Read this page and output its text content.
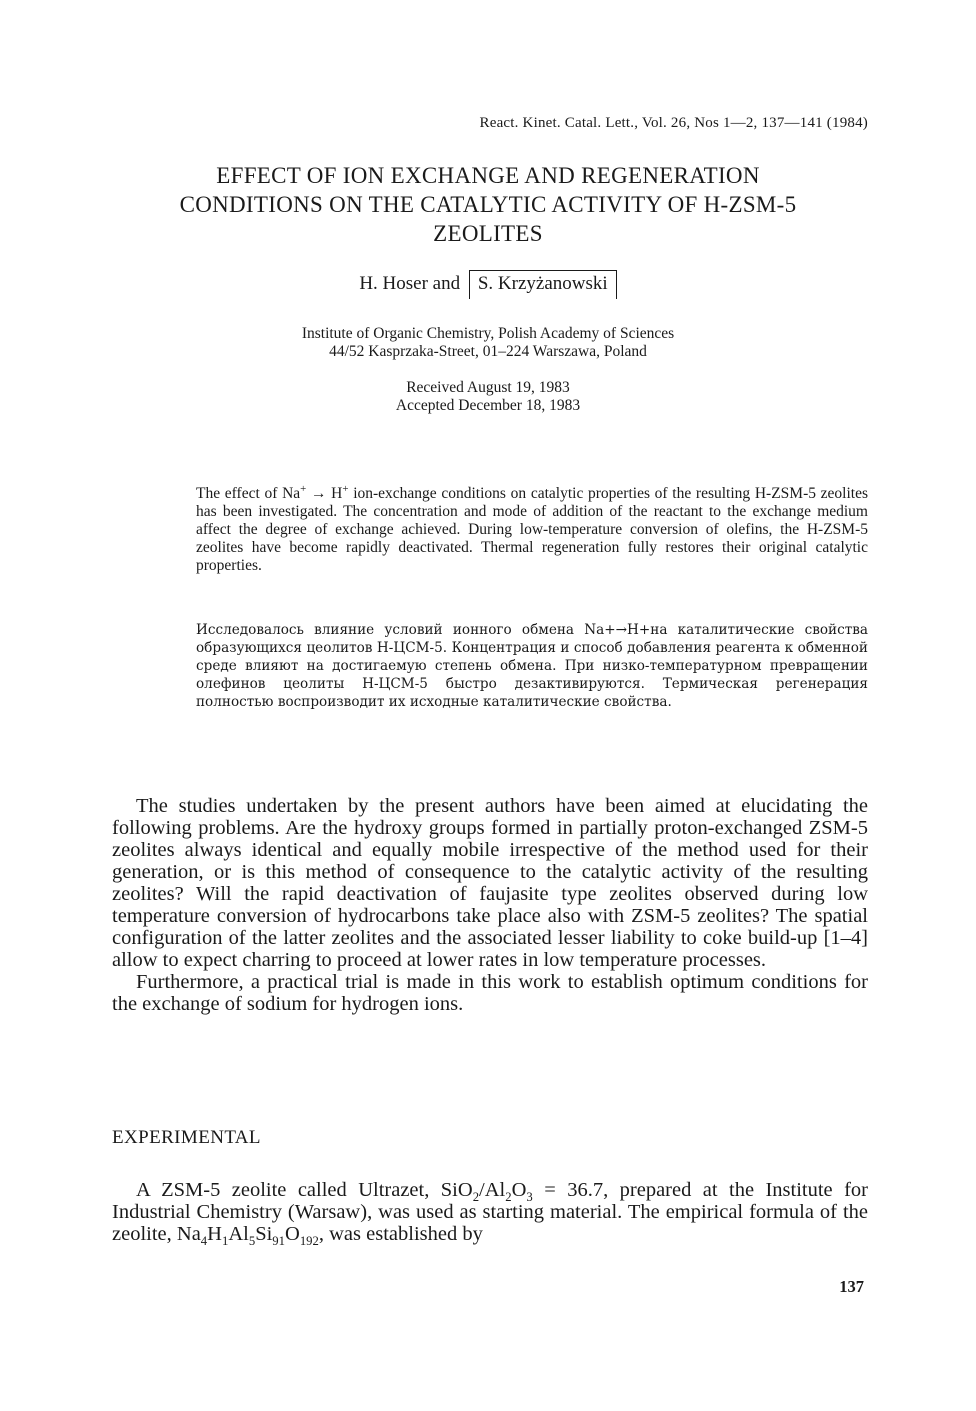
React. Kinet. Catal. Lett., Vol. 26, Nos 1—2, 137—141 (1984)
EFFECT OF ION EXCHANGE AND REGENERATION
CONDITIONS ON THE CATALYTIC ACTIVITY OF H-ZSM-5
ZEOLITES
H. Hoser and S. Krzyżanowski
Institute of Organic Chemistry, Polish Academy of Sciences
44/52 Kasprzaka-Street, 01–224 Warszawa, Poland
Received August 19, 1983
Accepted December 18, 1983
The effect of Na+ → H+ ion-exchange conditions on catalytic properties of the resulting H-ZSM-5 zeolites has been investigated. The concentration and mode of addition of the reactant to the exchange medium affect the degree of exchange achieved. During low-temperature conversion of olefins, the H-ZSM-5 zeolites have become rapidly deactivated. Thermal regeneration fully restores their original catalytic properties.
Исследовалось влияние условий ионного обмена Na+→H+на каталитические свойства образующихся цеолитов Н-ЦСМ-5. Концентрация и способ добавления реагента к обменной среде влияют на достигаемую степень обмена. При низко-температурном превращении олефинов цеолиты Н-ЦСМ-5 быстро дезактивируются. Термическая регенерация полностью воспроизводит их исходные каталитические свойства.

The studies undertaken by the present authors have been aimed at elucidating the following problems. Are the hydroxy groups formed in partially proton-exchanged ZSM-5 zeolites always identical and equally mobile irrespective of the method used for their generation, or is this method of consequence to the catalytic activity of the resulting zeolites? Will the rapid deactivation of faujasite type zeolites observed during low temperature conversion of hydrocarbons take place also with ZSM-5 zeolites? The spatial configuration of the latter zeolites and the associated lesser liability to coke build-up [1–4] allow to expect charring to proceed at lower rates in low temperature processes.

Furthermore, a practical trial is made in this work to establish optimum conditions for the exchange of sodium for hydrogen ions.

EXPERIMENTAL

A ZSM-5 zeolite called Ultrazet, $SiO_2/Al_2O_3 = 36.7$, prepared at the Institute for Industrial Chemistry (Warsaw), was used as starting material. The empirical formula of the zeolite, $Na_4H_1Al_5Si_{91}O_{192}$, was established by

137
